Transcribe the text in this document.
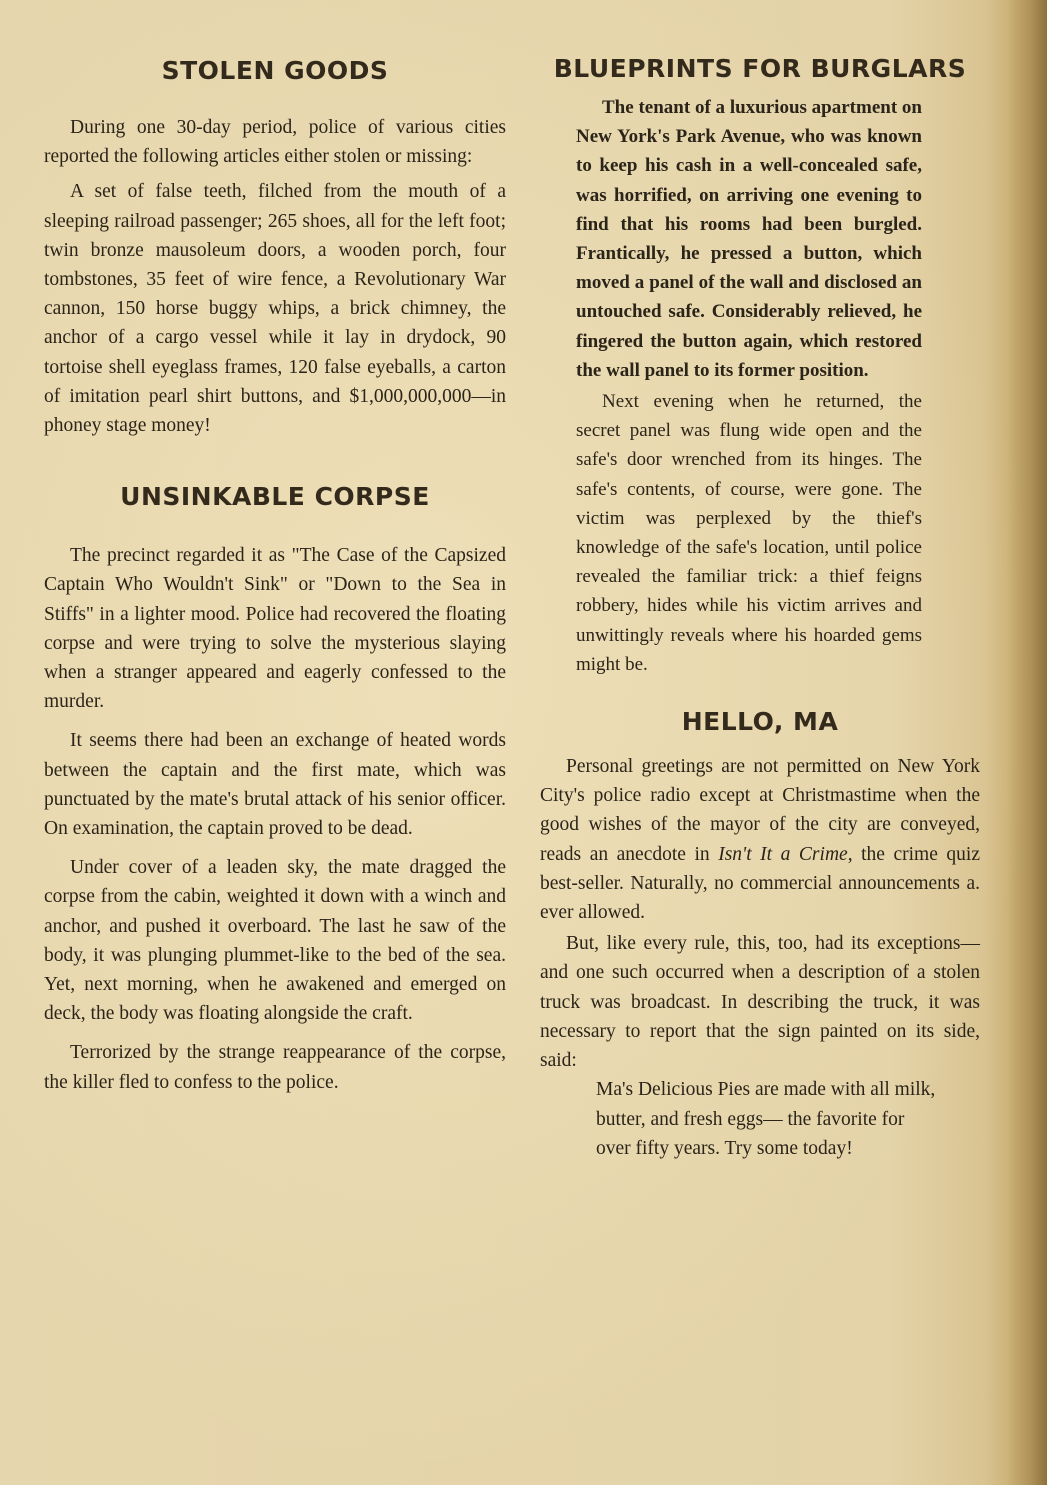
STOLEN GOODS

During one 30-day period, police of various cities reported the following articles either stolen or missing:

A set of false teeth, filched from the mouth of a sleeping railroad passenger; 265 shoes, all for the left foot; twin bronze mausoleum doors, a wooden porch, four tombstones, 35 feet of wire fence, a Revolutionary War cannon, 150 horse buggy whips, a brick chimney, the anchor of a cargo vessel while it lay in drydock, 90 tortoise shell eyeglass frames, 120 false eyeballs, a carton of imitation pearl shirt buttons, and $1,000,000,000—in phoney stage money!

UNSINKABLE CORPSE

The precinct regarded it as "The Case of the Capsized Captain Who Wouldn't Sink" or "Down to the Sea in Stiffs" in a lighter mood. Police had recovered the floating corpse and were trying to solve the mysterious slaying when a stranger appeared and eagerly confessed to the murder.

It seems there had been an exchange of heated words between the captain and the first mate, which was punctuated by the mate's brutal attack of his senior officer. On examination, the captain proved to be dead.

Under cover of a leaden sky, the mate dragged the corpse from the cabin, weighted it down with a winch and anchor, and pushed it overboard. The last he saw of the body, it was plunging plummet-like to the bed of the sea. Yet, next morning, when he awakened and emerged on deck, the body was floating alongside the craft.

Terrorized by the strange reappearance of the corpse, the killer fled to confess to the police.

BLUEPRINTS FOR BURGLARS

The tenant of a luxurious apartment on New York's Park Avenue, who was known to keep his cash in a well-concealed safe, was horrified, on arriving one evening to find that his rooms had been burgled. Frantically, he pressed a button, which moved a panel of the wall and disclosed an untouched safe. Considerably relieved, he fingered the button again, which restored the wall panel to its former position.

Next evening when he returned, the secret panel was flung wide open and the safe's door wrenched from its hinges. The safe's contents, of course, were gone. The victim was perplexed by the thief's knowledge of the safe's location, until police revealed the familiar trick: a thief feigns robbery, hides while his victim arrives and unwittingly reveals where his hoarded gems might be.

HELLO, MA

Personal greetings are not permitted on New York City's police radio except at Christmastime when the good wishes of the mayor of the city are conveyed, reads an anecdote in Isn't It a Crime, the crime quiz best-seller. Naturally, no commercial announcements a. ever allowed.

But, like every rule, this, too, had its exceptions—and one such occurred when a description of a stolen truck was broadcast. In describing the truck, it was necessary to report that the sign painted on its side, said:

Ma's Delicious Pies are made with all milk, butter, and fresh eggs— the favorite for over fifty years. Try some today!
